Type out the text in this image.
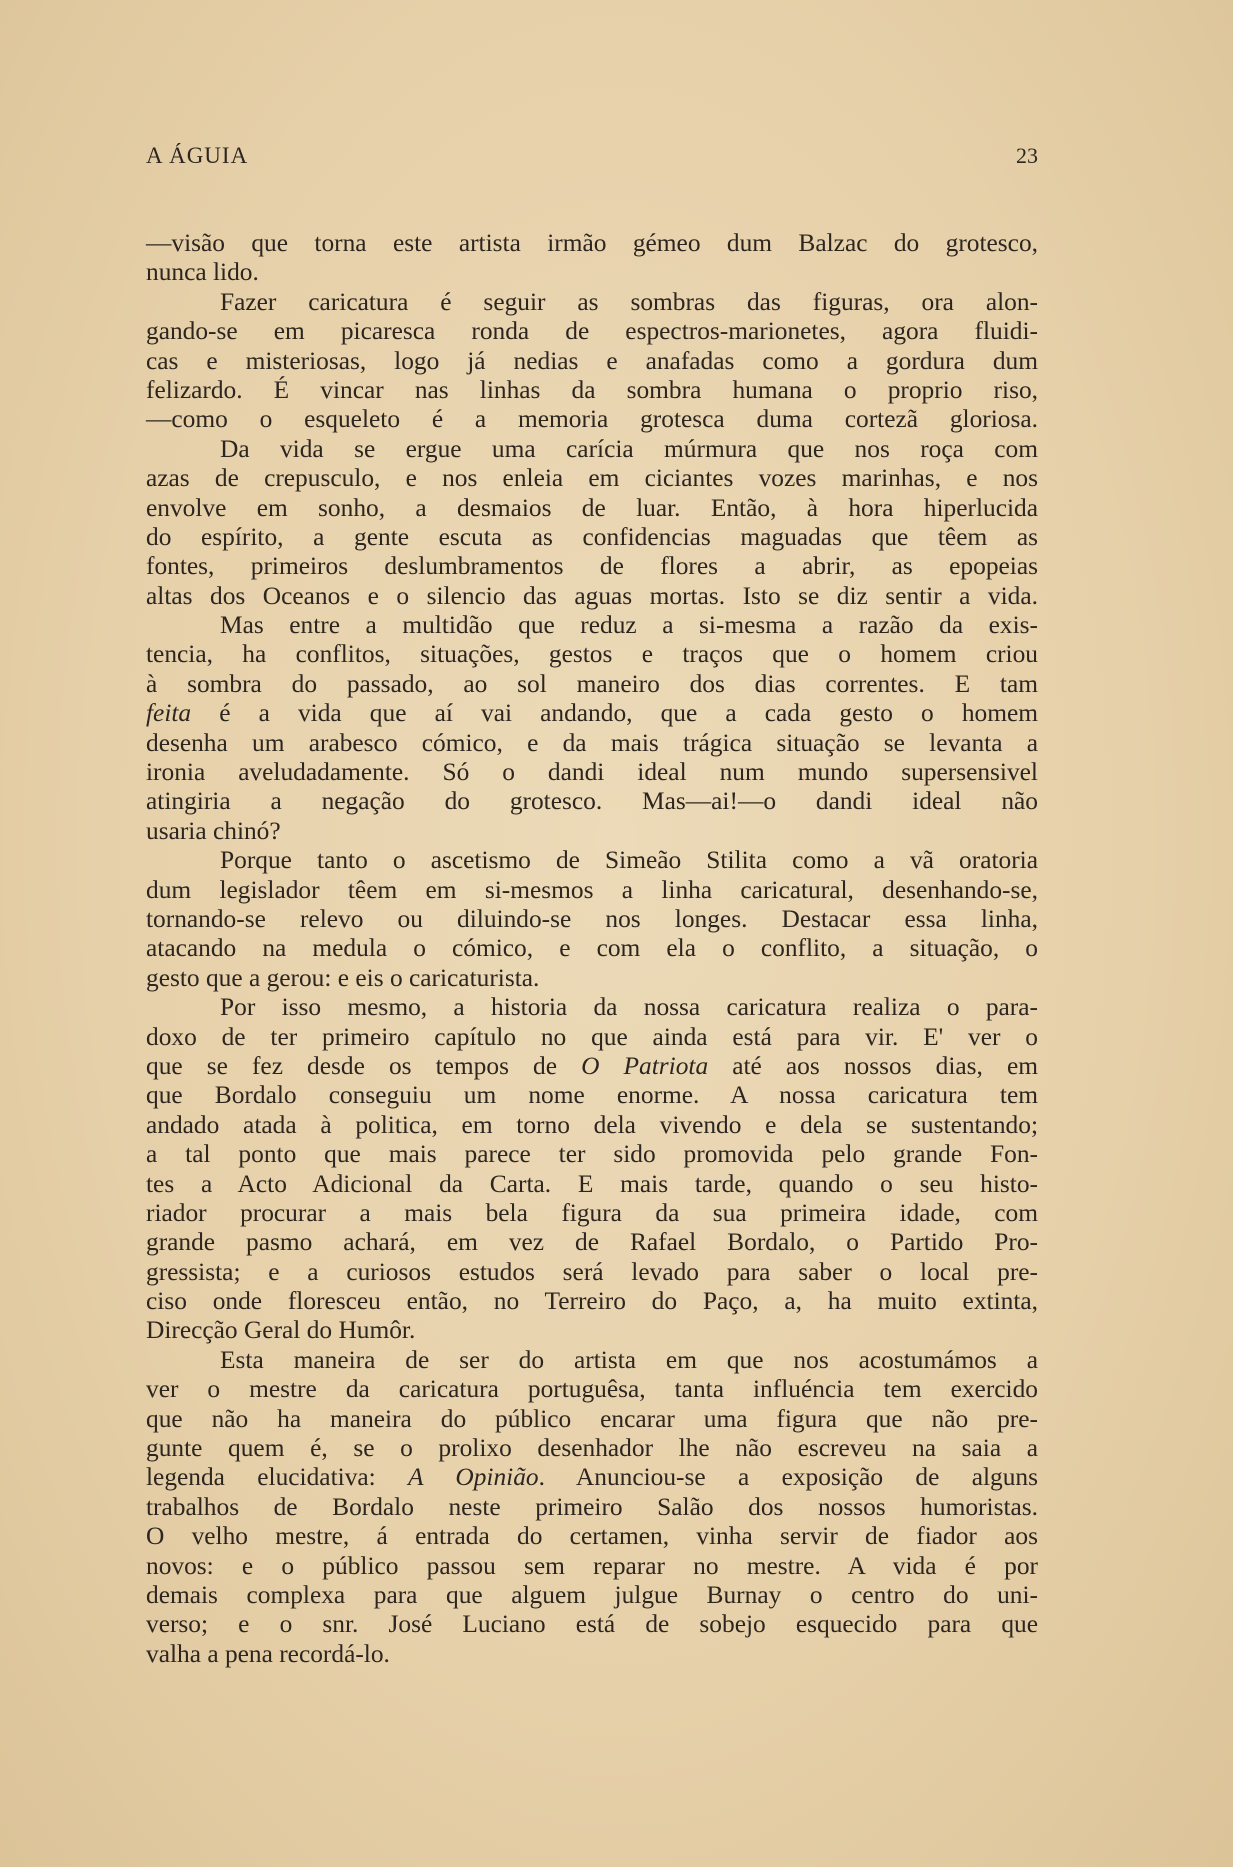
A ÁGUIA	23
—visão que torna este artista irmão gémeo dum Balzac do grotesco,
nunca lido.
Fazer caricatura é seguir as sombras das figuras, ora alon-
gando-se em picaresca ronda de espectros-marionetes, agora fluidi-
cas e misteriosas, logo já nedias e anafadas como a gordura dum
felizardo. É vincar nas linhas da sombra humana o proprio riso,
—como o esqueleto é a memoria grotesca duma cortezã gloriosa.
Da vida se ergue uma carícia múrmura que nos roça com
azas de crepusculo, e nos enleia em ciciantes vozes marinhas, e nos
envolve em sonho, a desmaios de luar. Então, à hora hiperlucida
do espírito, a gente escuta as confidencias maguadas que têem as
fontes, primeiros deslumbramentos de flores a abrir, as epopeias
altas dos Oceanos e o silencio das aguas mortas. Isto se diz sentir a vida.
Mas entre a multidão que reduz a si-mesma a razão da exis-
tencia, ha conflitos, situações, gestos e traços que o homem criou
à sombra do passado, ao sol maneiro dos dias correntes. E tam
feita é a vida que aí vai andando, que a cada gesto o homem
desenha um arabesco cómico, e da mais trágica situação se levanta a
ironia aveludadamente. Só o dandi ideal num mundo supersensivel
atingiria a negação do grotesco. Mas—ai!—o dandi ideal não
usaria chinó?
Porque tanto o ascetismo de Simeão Stilita como a vã oratoria
dum legislador têem em si-mesmos a linha caricatural, desenhando-se,
tornando-se relevo ou diluindo-se nos longes. Destacar essa linha,
atacando na medula o cómico, e com ela o conflito, a situação, o
gesto que a gerou: e eis o caricaturista.
Por isso mesmo, a historia da nossa caricatura realiza o para-
doxo de ter primeiro capítulo no que ainda está para vir. E' ver o
que se fez desde os tempos de O Patriota até aos nossos dias, em
que Bordalo conseguiu um nome enorme. A nossa caricatura tem
andado atada à politica, em torno dela vivendo e dela se sustentando;
a tal ponto que mais parece ter sido promovida pelo grande Fon-
tes a Acto Adicional da Carta. E mais tarde, quando o seu histo-
riador procurar a mais bela figura da sua primeira idade, com
grande pasmo achará, em vez de Rafael Bordalo, o Partido Pro-
gressista; e a curiosos estudos será levado para saber o local pre-
ciso onde floresceu então, no Terreiro do Paço, a, ha muito extinta,
Direcção Geral do Humôr.
Esta maneira de ser do artista em que nos acostumámos a
ver o mestre da caricatura portuguêsa, tanta influéncia tem exercido
que não ha maneira do público encarar uma figura que não pre-
gunte quem é, se o prolixo desenhador lhe não escreveu na saia a
legenda elucidativa: A Opinião. Anunciou-se a exposição de alguns
trabalhos de Bordalo neste primeiro Salão dos nossos humoristas.
O velho mestre, á entrada do certamen, vinha servir de fiador aos
novos: e o público passou sem reparar no mestre. A vida é por
demais complexa para que alguem julgue Burnay o centro do uni-
verso; e o snr. José Luciano está de sobejo esquecido para que
valha a pena recordá-lo.
